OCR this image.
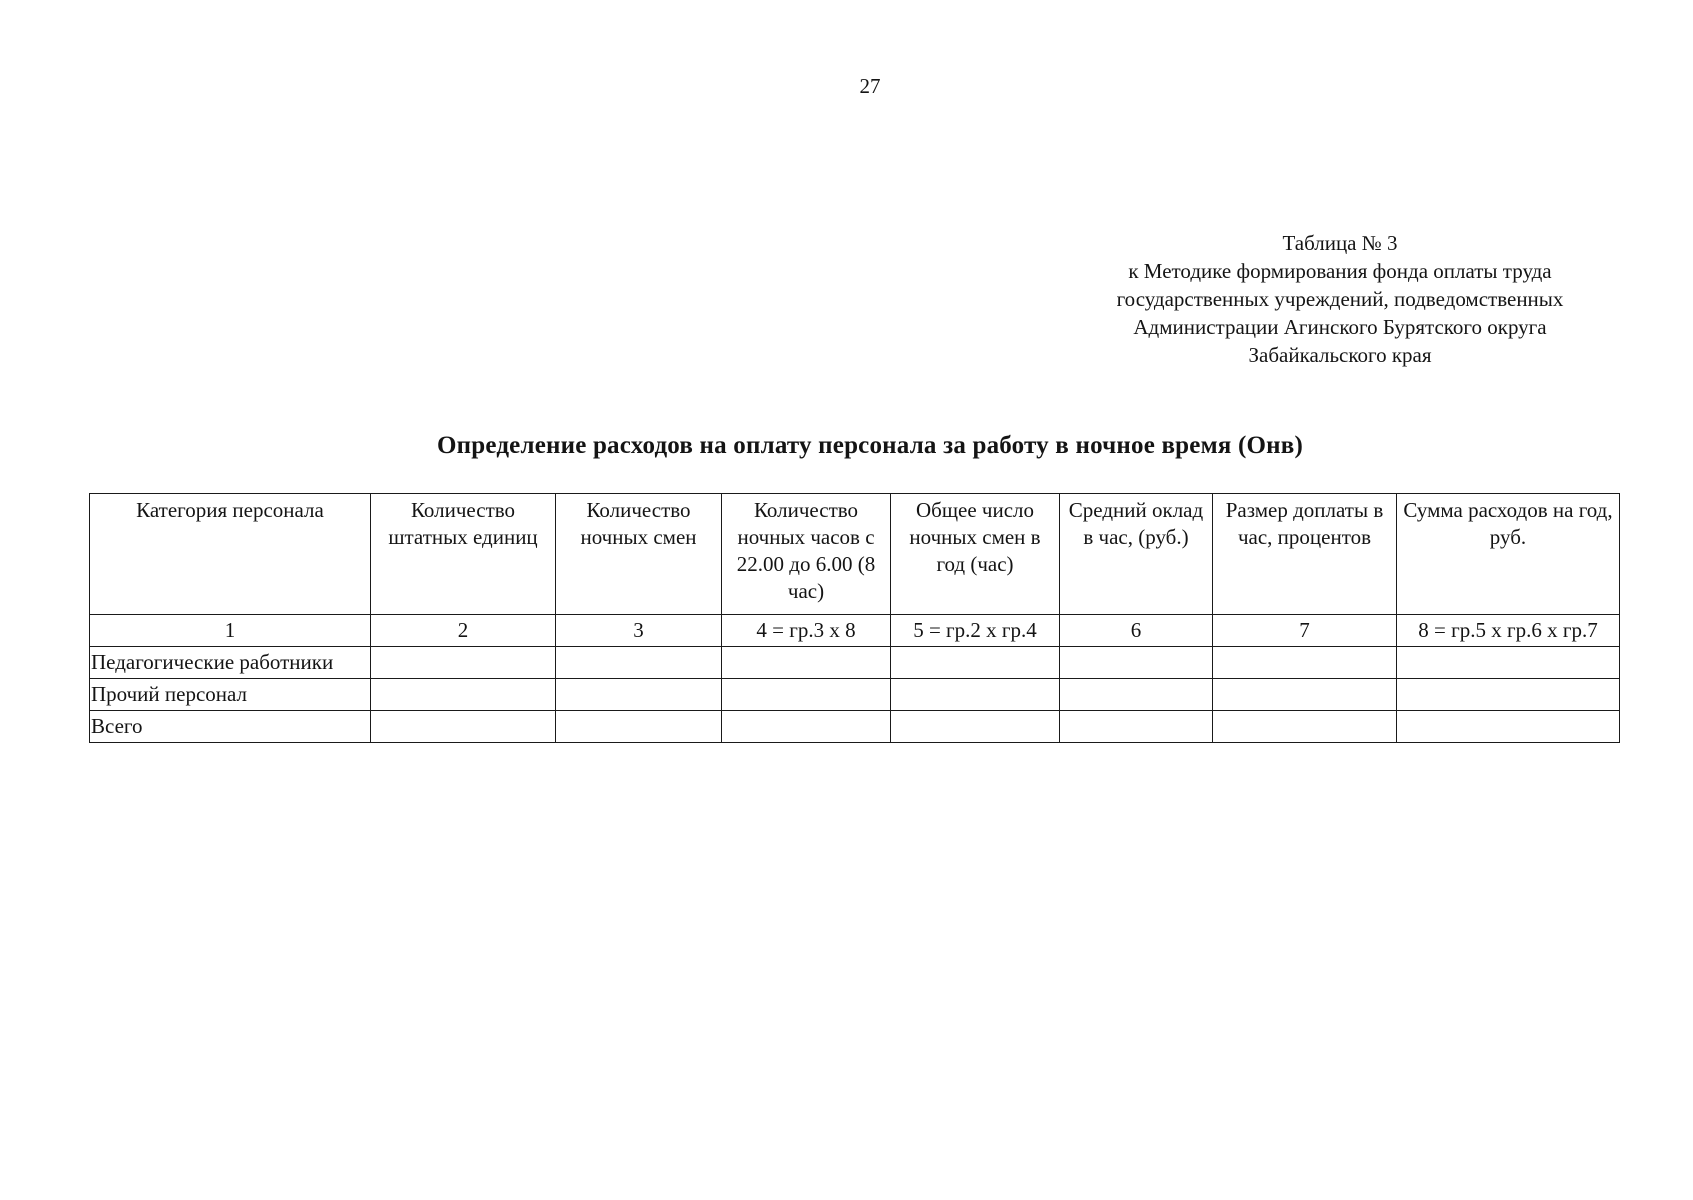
27
Таблица № 3
к Методике формирования фонда оплаты труда
государственных учреждений, подведомственных
Администрации Агинского Бурятского округа
Забайкальского края
Определение расходов на оплату персонала за работу в ночное время (Онв)
Категория персонала	Количество штатных единиц	Количество ночных смен	Количество ночных часов с 22.00 до 6.00 (8 час)	Общее число ночных смен в год (час)	Средний оклад в час, (руб.)	Размер доплаты в час, процентов	Сумма расходов на год, руб.
1	2	3	4 = гр.3 х 8	5 = гр.2 х гр.4	6	7	8 = гр.5 х гр.6 х гр.7
Педагогические работники							
Прочий персонал							
Всего							
